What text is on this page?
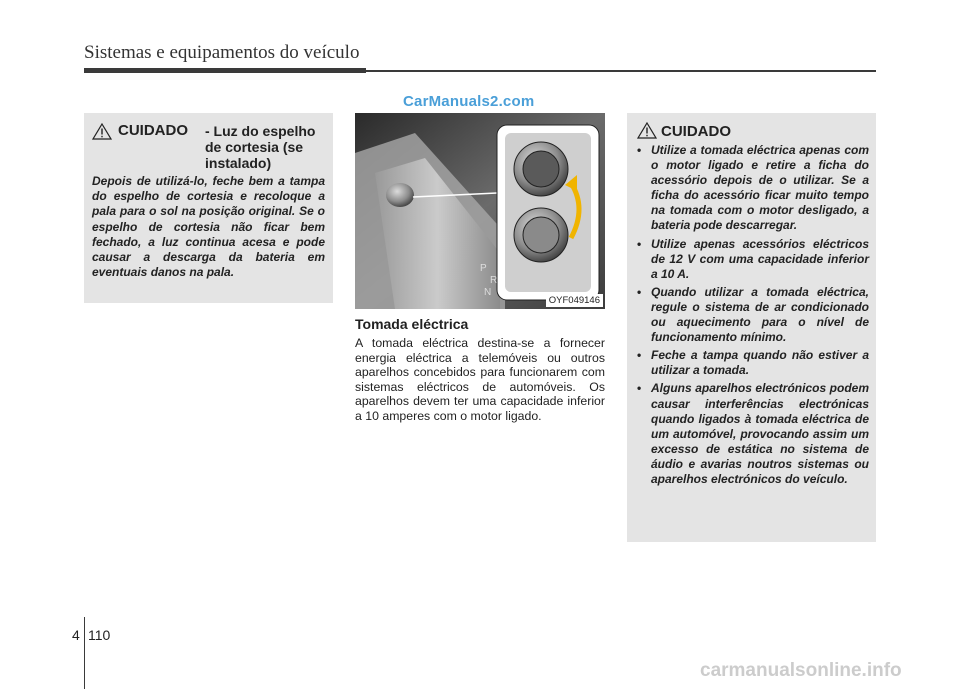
Sistemas e equipamentos do veículo
CarManuals2.com
CUIDADO - Luz do espelho de cortesia (se instalado)
Depois de utilizá-lo, feche bem a tampa do espelho de cortesia e recoloque a pala para o sol na posição original. Se o espelho de cortesia não ficar bem fechado, a luz continua acesa e pode causar a descarga da bateria em eventuais danos na pala.	P
R
N
OYF049146
Tomada eléctrica
A tomada eléctrica destina-se a fornecer energia eléctrica a telemóveis ou outros aparelhos concebidos para funcionarem com sistemas eléctricos de automóveis. Os aparelhos devem ter uma capacidade inferior a 10 amperes com o motor ligado.
CUIDADO
• Utilize a tomada eléctrica apenas com o motor ligado e retire a ficha do acessório depois de o utilizar. Se a ficha do acessório ficar muito tempo na tomada com o motor desligado, a bateria pode descarregar.
• Utilize apenas acessórios eléctricos de 12 V com uma capacidade inferior a 10 A.
• Quando utilizar a tomada eléctrica, regule o sistema de ar condicionado ou aquecimento para o nível de funcionamento mínimo.
• Feche a tampa quando não estiver a utilizar a tomada.
• Alguns aparelhos electrónicos podem causar interferências electrónicas quando ligados à tomada eléctrica de um automóvel, provocando assim um excesso de estática no sistema de áudio e avarias noutros sistemas ou aparelhos electrónicos do veículo.
4 110
carmanualsonline.info
